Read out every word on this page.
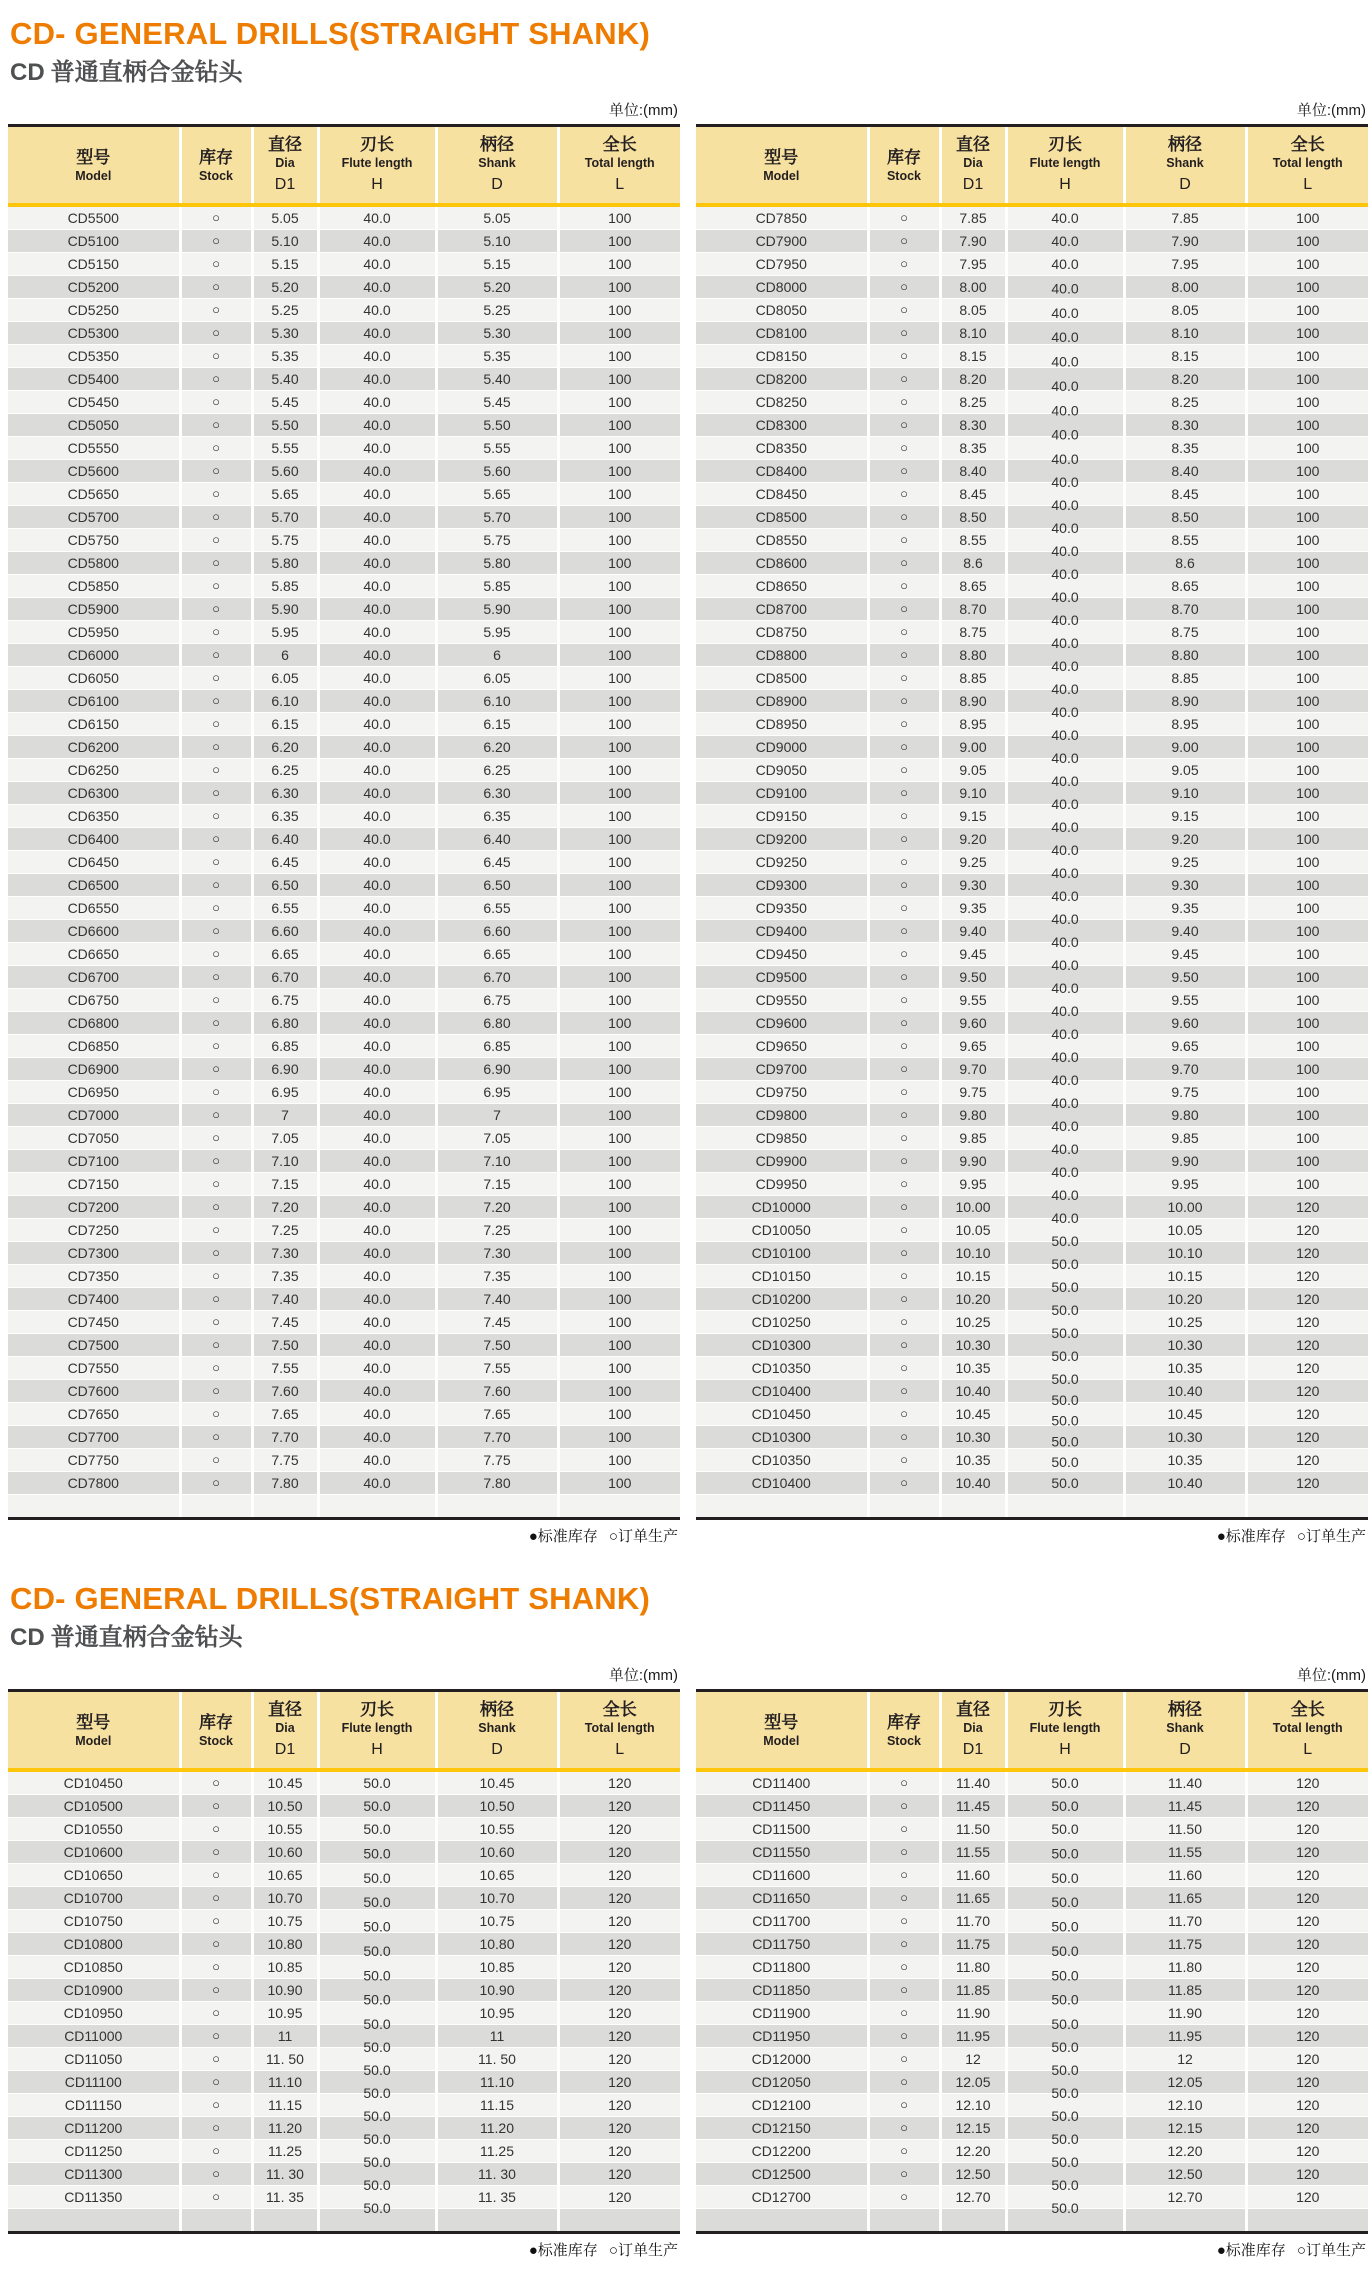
CD- GENERAL DRILLS(STRAIGHT SHANK)
CD 普通直柄合金钻头
单位:(mm)
型号
Model

库存
Stock

直径
Dia
D1

刃长
Flute length
H

柄径
Shank
D

全长
Total length
L

CD5500	○	5.05	40.0	5.05	100
CD5100	○	5.10	40.0	5.10	100
CD5150	○	5.15	40.0	5.15	100
CD5200	○	5.20	40.0	5.20	100
CD5250	○	5.25	40.0	5.25	100
CD5300	○	5.30	40.0	5.30	100
CD5350	○	5.35	40.0	5.35	100
CD5400	○	5.40	40.0	5.40	100
CD5450	○	5.45	40.0	5.45	100
CD5050	○	5.50	40.0	5.50	100
CD5550	○	5.55	40.0	5.55	100
CD5600	○	5.60	40.0	5.60	100
CD5650	○	5.65	40.0	5.65	100
CD5700	○	5.70	40.0	5.70	100
CD5750	○	5.75	40.0	5.75	100
CD5800	○	5.80	40.0	5.80	100
CD5850	○	5.85	40.0	5.85	100
CD5900	○	5.90	40.0	5.90	100
CD5950	○	5.95	40.0	5.95	100
CD6000	○	6	40.0	6	100
CD6050	○	6.05	40.0	6.05	100
CD6100	○	6.10	40.0	6.10	100
CD6150	○	6.15	40.0	6.15	100
CD6200	○	6.20	40.0	6.20	100
CD6250	○	6.25	40.0	6.25	100
CD6300	○	6.30	40.0	6.30	100
CD6350	○	6.35	40.0	6.35	100
CD6400	○	6.40	40.0	6.40	100
CD6450	○	6.45	40.0	6.45	100
CD6500	○	6.50	40.0	6.50	100
CD6550	○	6.55	40.0	6.55	100
CD6600	○	6.60	40.0	6.60	100
CD6650	○	6.65	40.0	6.65	100
CD6700	○	6.70	40.0	6.70	100
CD6750	○	6.75	40.0	6.75	100
CD6800	○	6.80	40.0	6.80	100
CD6850	○	6.85	40.0	6.85	100
CD6900	○	6.90	40.0	6.90	100
CD6950	○	6.95	40.0	6.95	100
CD7000	○	7	40.0	7	100
CD7050	○	7.05	40.0	7.05	100
CD7100	○	7.10	40.0	7.10	100
CD7150	○	7.15	40.0	7.15	100
CD7200	○	7.20	40.0	7.20	100
CD7250	○	7.25	40.0	7.25	100
CD7300	○	7.30	40.0	7.30	100
CD7350	○	7.35	40.0	7.35	100
CD7400	○	7.40	40.0	7.40	100
CD7450	○	7.45	40.0	7.45	100
CD7500	○	7.50	40.0	7.50	100
CD7550	○	7.55	40.0	7.55	100
CD7600	○	7.60	40.0	7.60	100
CD7650	○	7.65	40.0	7.65	100
CD7700	○	7.70	40.0	7.70	100
CD7750	○	7.75	40.0	7.75	100
CD7800	○	7.80	40.0	7.80	100

●标准库存 ○订单生产
单位:(mm)
型号
Model

库存
Stock

直径
Dia
D1

刃长
Flute length
H

柄径
Shank
D

全长
Total length
L

CD7850	○	7.85	40.0	7.85	100
CD7900	○	7.90	40.0	7.90	100
CD7950	○	7.95	40.0	7.95	100
CD8000	○	8.00	40.0	8.00	100
CD8050	○	8.05	40.0	8.05	100
CD8100	○	8.10	40.0	8.10	100
CD8150	○	8.15	40.0	8.15	100
CD8200	○	8.20	40.0	8.20	100
CD8250	○	8.25	40.0	8.25	100
CD8300	○	8.30	40.0	8.30	100
CD8350	○	8.35	40.0	8.35	100
CD8400	○	8.40	40.0	8.40	100
CD8450	○	8.45	40.0	8.45	100
CD8500	○	8.50	40.0	8.50	100
CD8550	○	8.55	40.0	8.55	100
CD8600	○	8.6	40.0	8.6	100
CD8650	○	8.65	40.0	8.65	100
CD8700	○	8.70	40.0	8.70	100
CD8750	○	8.75	40.0	8.75	100
CD8800	○	8.80	40.0	8.80	100
CD8500	○	8.85	40.0	8.85	100
CD8900	○	8.90	40.0	8.90	100
CD8950	○	8.95	40.0	8.95	100
CD9000	○	9.00	40.0	9.00	100
CD9050	○	9.05	40.0	9.05	100
CD9100	○	9.10	40.0	9.10	100
CD9150	○	9.15	40.0	9.15	100
CD9200	○	9.20	40.0	9.20	100
CD9250	○	9.25	40.0	9.25	100
CD9300	○	9.30	40.0	9.30	100
CD9350	○	9.35	40.0	9.35	100
CD9400	○	9.40	40.0	9.40	100
CD9450	○	9.45	40.0	9.45	100
CD9500	○	9.50	40.0	9.50	100
CD9550	○	9.55	40.0	9.55	100
CD9600	○	9.60	40.0	9.60	100
CD9650	○	9.65	40.0	9.65	100
CD9700	○	9.70	40.0	9.70	100
CD9750	○	9.75	40.0	9.75	100
CD9800	○	9.80	40.0	9.80	100
CD9850	○	9.85	40.0	9.85	100
CD9900	○	9.90	40.0	9.90	100
CD9950	○	9.95	40.0	9.95	100
CD10000	○	10.00	40.0	10.00	120
CD10050	○	10.05	50.0	10.05	120
CD10100	○	10.10	50.0	10.10	120
CD10150	○	10.15	50.0	10.15	120
CD10200	○	10.20	50.0	10.20	120
CD10250	○	10.25	50.0	10.25	120
CD10300	○	10.30	50.0	10.30	120
CD10350	○	10.35	50.0	10.35	120
CD10400	○	10.40	50.0	10.40	120
CD10450	○	10.45	50.0	10.45	120
CD10300	○	10.30	50.0	10.30	120
CD10350	○	10.35	50.0	10.35	120
CD10400	○	10.40	50.0	10.40	120

●标准库存 ○订单生产
CD- GENERAL DRILLS(STRAIGHT SHANK)
CD 普通直柄合金钻头
单位:(mm)
型号
Model

库存
Stock

直径
Dia
D1

刃长
Flute length
H

柄径
Shank
D

全长
Total length
L

CD10450	○	10.45	50.0	10.45	120
CD10500	○	10.50	50.0	10.50	120
CD10550	○	10.55	50.0	10.55	120
CD10600	○	10.60	50.0	10.60	120
CD10650	○	10.65	50.0	10.65	120
CD10700	○	10.70	50.0	10.70	120
CD10750	○	10.75	50.0	10.75	120
CD10800	○	10.80	50.0	10.80	120
CD10850	○	10.85	50.0	10.85	120
CD10900	○	10.90	50.0	10.90	120
CD10950	○	10.95	50.0	10.95	120
CD11000	○	11	50.0	11	120
CD11050	○	11. 50	50.0	11. 50	120
CD11100	○	11.10	50.0	11.10	120
CD11150	○	11.15	50.0	11.15	120
CD11200	○	11.20	50.0	11.20	120
CD11250	○	11.25	50.0	11.25	120
CD11300	○	11. 30	50.0	11. 30	120
CD11350	○	11. 35	50.0	11. 35	120

●标准库存 ○订单生产
单位:(mm)
型号
Model

库存
Stock

直径
Dia
D1

刃长
Flute length
H

柄径
Shank
D

全长
Total length
L

CD11400	○	11.40	50.0	11.40	120
CD11450	○	11.45	50.0	11.45	120
CD11500	○	11.50	50.0	11.50	120
CD11550	○	11.55	50.0	11.55	120
CD11600	○	11.60	50.0	11.60	120
CD11650	○	11.65	50.0	11.65	120
CD11700	○	11.70	50.0	11.70	120
CD11750	○	11.75	50.0	11.75	120
CD11800	○	11.80	50.0	11.80	120
CD11850	○	11.85	50.0	11.85	120
CD11900	○	11.90	50.0	11.90	120
CD11950	○	11.95	50.0	11.95	120
CD12000	○	12	50.0	12	120
CD12050	○	12.05	50.0	12.05	120
CD12100	○	12.10	50.0	12.10	120
CD12150	○	12.15	50.0	12.15	120
CD12200	○	12.20	50.0	12.20	120
CD12500	○	12.50	50.0	12.50	120
CD12700	○	12.70	50.0	12.70	120

●标准库存 ○订单生产
